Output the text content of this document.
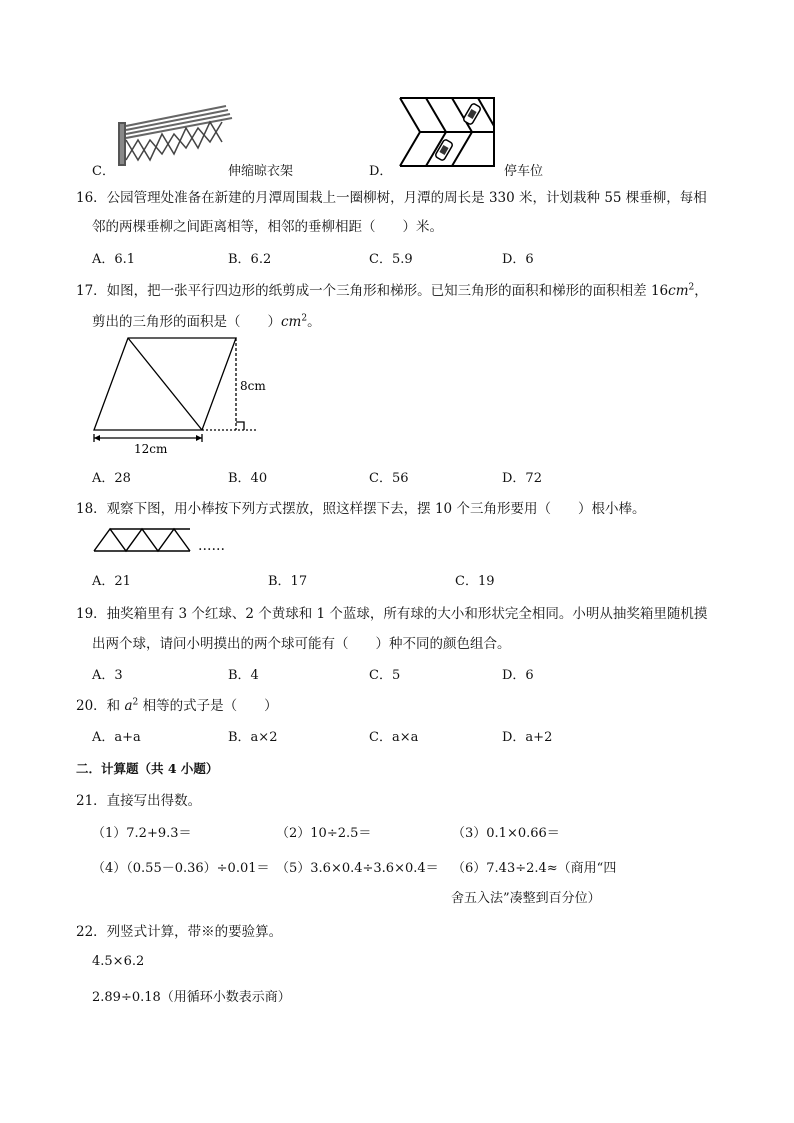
C．	伸缩晾衣架	D．	停车位
16．公园管理处准备在新建的月潭周围栽上一圈柳树，月潭的周长是 330 米，计划栽种 55 棵垂柳，每相
邻的两棵垂柳之间距离相等，相邻的垂柳相距（　　）米。
A．6.1	B．6.2	C．5.9	D．6
17．如图，把一张平行四边形的纸剪成一个三角形和梯形。已知三角形的面积和梯形的面积相差 $16cm^2$，
剪出的三角形的面积是（　　）$cm^2$。
8cm
12cm
A．28	B．40	C．56	D．72
18．观察下图，用小棒按下列方式摆放，照这样摆下去，摆 10 个三角形要用（　　）根小棒。
……
A．21	B．17	C．19
19．抽奖箱里有 3 个红球、2 个黄球和 1 个蓝球，所有球的大小和形状完全相同。小明从抽奖箱里随机摸
出两个球，请问小明摸出的两个球可能有（　　）种不同的颜色组合。
A．3	B．4	C．5	D．6
20．和 $a^2$ 相等的式子是（　　）
A．a+a	B．a×2	C．a×a	D．a+2
二．计算题（共 4 小题）
21．直接写出得数。
（1）7.2+9.3＝	（2）10÷2.5＝	（3）0.1×0.66＝
（4）（0.55－0.36）÷0.01＝ （5）3.6×0.4÷3.6×0.4＝ （6）7.43÷2.4≈（商用“四
舍五入法”凑整到百分位）
22．列竖式计算，带※的要验算。
4.5×6.2
2.89÷0.18（用循环小数表示商）
